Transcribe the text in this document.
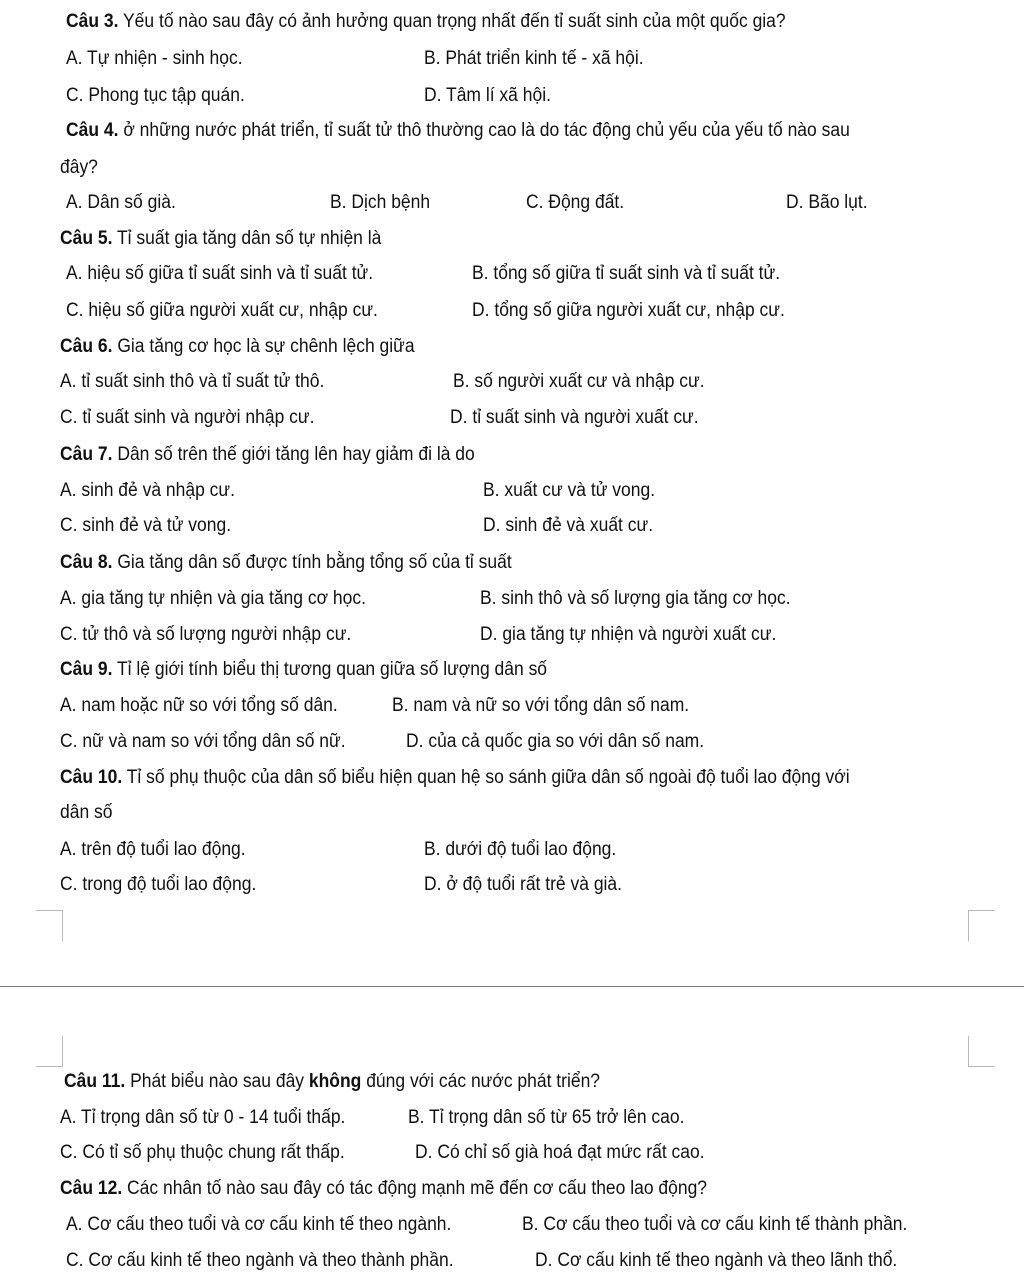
Câu 3. Yếu tố nào sau đây có ảnh hưởng quan trọng nhất đến tỉ suất sinh của một quốc gia?
A. Tự nhiện - sinh học.	B. Phát triển kinh tế - xã hội.
C. Phong tục tập quán.	D. Tâm lí xã hội.
Câu 4. ở những nước phát triển, tỉ suất tử thô thường cao là do tác động chủ yếu của yếu tố nào sau
đây?
A. Dân số già.	B. Dịch bệnh	C. Động đất.	D. Bão lụt.
Câu 5. Tỉ suất gia tăng dân số tự nhiện là
A. hiệu số giữa tỉ suất sinh và tỉ suất tử.	B. tổng số giữa tỉ suất sinh và tỉ suất tử.
C. hiệu số giữa người xuất cư, nhập cư.	D. tổng số giữa người xuất cư, nhập cư.
Câu 6. Gia tăng cơ học là sự chênh lệch giữa
A. tỉ suất sinh thô và tỉ suất tử thô.	B. số người xuất cư và nhập cư.
C. tỉ suất sinh và người nhập cư.	D. tỉ suất sinh và người xuất cư.
Câu 7. Dân số trên thế giới tăng lên hay giảm đi là do
A. sinh đẻ và nhập cư.	B. xuất cư và tử vong.
C. sinh đẻ và tử vong.	D. sinh đẻ và xuất cư.
Câu 8. Gia tăng dân số được tính bằng tổng số của tỉ suất
A. gia tăng tự nhiện và gia tăng cơ học.	B. sinh thô và số lượng gia tăng cơ học.
C. tử thô và số lượng người nhập cư.	D. gia tăng tự nhiện và người xuất cư.
Câu 9. Tỉ lệ giới tính biểu thị tương quan giữa số lượng dân số
A. nam hoặc nữ so với tổng số dân.	B. nam và nữ so với tổng dân số nam.
C. nữ và nam so với tổng dân số nữ.	D. của cả quốc gia so với dân số nam.
Câu 10. Tỉ số phụ thuộc của dân số biểu hiện quan hệ so sánh giữa dân số ngoài độ tuổi lao động với
dân số
A. trên độ tuổi lao động.	B. dưới độ tuổi lao động.
C. trong độ tuổi lao động.	D. ở độ tuổi rất trẻ và già.
Câu 11. Phát biểu nào sau đây không đúng với các nước phát triển?
A. Tỉ trọng dân số từ 0 - 14 tuổi thấp.	B. Tỉ trọng dân số từ 65 trở lên cao.
C. Có tỉ số phụ thuộc chung rất thấp.	D. Có chỉ số già hoá đạt mức rất cao.
Câu 12. Các nhân tố nào sau đây có tác động mạnh mẽ đến cơ cấu theo lao động?
A. Cơ cấu theo tuổi và cơ cấu kinh tế theo ngành.	B. Cơ cấu theo tuổi và cơ cấu kinh tế thành phần.
C. Cơ cấu kinh tế theo ngành và theo thành phần.	D. Cơ cấu kinh tế theo ngành và theo lãnh thổ.
